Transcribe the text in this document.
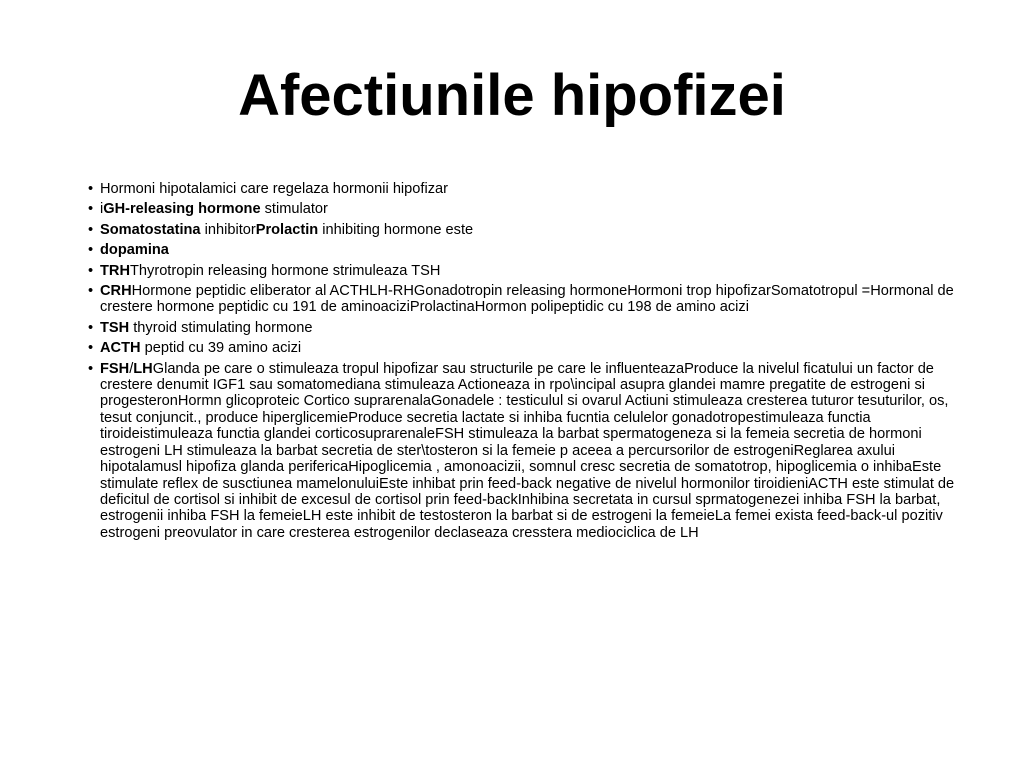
Afectiunile hipofizei
• Hormoni hipotalamici care regelaza hormonii hipofizar
• iGH-releasing hormone stimulator
• Somatostatina inhibitorProlactin inhibiting hormone este
• dopamina
• TRHThyrotropin releasing hormone strimuleaza TSH
• CRHHormone peptidic eliberator al ACTHLH-RHGonadotropin releasing hormoneHormoni trop hipofizarSomatotropul =Hormonal de crestere hormone peptidic cu 191 de aminoaciziProlactinaHormon polipeptidic cu 198 de amino acizi
• TSH thyroid stimulating hormone
• ACTH peptid cu 39 amino acizi
• FSH/LHGlanda pe care o stimuleaza tropul hipofizar sau structurile pe care le influenteazaProduce la nivelul ficatului un factor de crestere denumit IGF1 sau somatomediana stimuleaza Actioneaza in rpo\incipal asupra glandei mamre pregatite de estrogeni si progesteronHormn glicoproteic Cortico suprarenalaGonadele : testiculul si ovarul Actiuni stimuleaza cresterea tuturor tesuturilor, os, tesut conjuncit., produce hiperglicemieProduce secretia lactate si inhiba fucntia celulelor gonadotropestimuleaza functia tiroideistimuleaza functia glandei corticosuprarenaleFSH stimuleaza la barbat spermatogeneza si la femeia secretia de hormoni estrogeni LH stimuleaza la barbat secretia de ster\tosteron si la femeie p aceea a percursorilor de estrogeniReglarea axului hipotalamusl hipofiza glanda perifericaHipoglicemia , amonoacizii, somnul cresc secretia de somatotrop, hipoglicemia o inhibaEste stimulate reflex de susctiunea mamelonuluiEste inhibat prin feed-back negative de nivelul hormonilor tiroidieniACTH este stimulat de deficitul de cortisol si inhibit de excesul de cortisol prin feed-backInhibina secretata in cursul sprmatogenezei inhiba FSH la barbat, estrogenii inhiba FSH la femeieLH este inhibit de testosteron la barbat si de estrogeni la femeieLa femei exista feed-back-ul pozitiv estrogeni preovulator in care cresterea estrogenilor declaseaza cresstera mediociclica de LH
